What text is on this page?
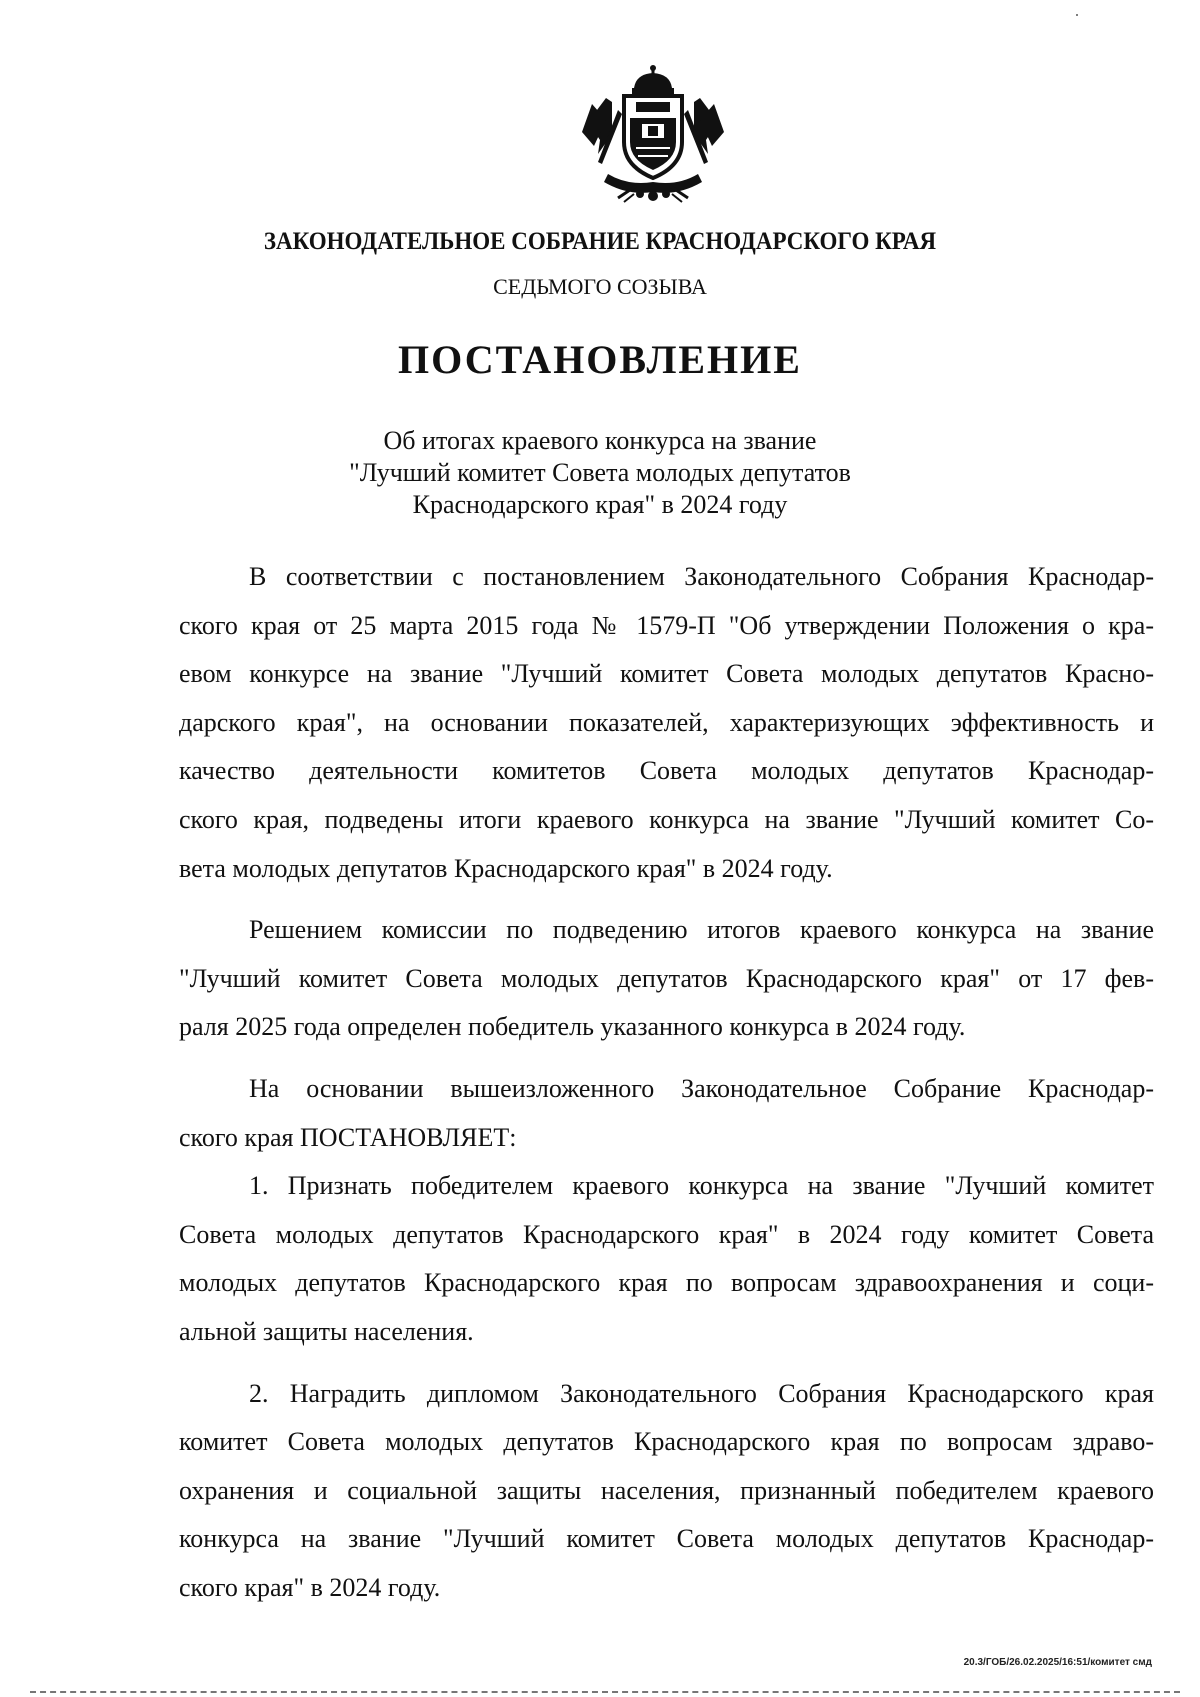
ЗАКОНОДАТЕЛЬНОЕ СОБРАНИЕ КРАСНОДАРСКОГО КРАЯ
СЕДЬМОГО СОЗЫВА
ПОСТАНОВЛЕНИЕ
Об итогах краевого конкурса на звание
"Лучший комитет Совета молодых депутатов
Краснодарского края" в 2024 году
В соответствии с постановлением Законодательного Собрания Краснодар-
ского края от 25 марта 2015 года № 1579-П "Об утверждении Положения о кра-
евом конкурсе на звание "Лучший комитет Совета молодых депутатов Красно-
дарского края", на основании показателей, характеризующих эффективность и
качество деятельности комитетов Совета молодых депутатов Краснодар-
ского края, подведены итоги краевого конкурса на звание "Лучший комитет Со-
вета молодых депутатов Краснодарского края" в 2024 году.
Решением комиссии по подведению итогов краевого конкурса на звание
"Лучший комитет Совета молодых депутатов Краснодарского края" от 17 фев-
раля 2025 года определен победитель указанного конкурса в 2024 году.
На основании вышеизложенного Законодательное Собрание Краснодар-
ского края ПОСТАНОВЛЯЕТ:
1. Признать победителем краевого конкурса на звание "Лучший комитет
Совета молодых депутатов Краснодарского края" в 2024 году комитет Совета
молодых депутатов Краснодарского края по вопросам здравоохранения и соци-
альной защиты населения.
2. Наградить дипломом Законодательного Собрания Краснодарского края
комитет Совета молодых депутатов Краснодарского края по вопросам здраво-
охранения и социальной защиты населения, признанный победителем краевого
конкурса на звание "Лучший комитет Совета молодых депутатов Краснодар-
ского края" в 2024 году.
20.3/ГОБ/26.02.2025/16:51/комитет смд
